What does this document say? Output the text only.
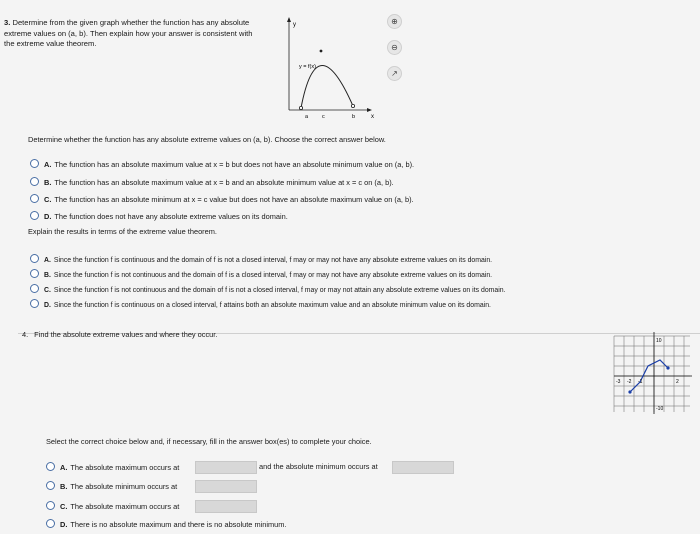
3. Determine from the given graph whether the function has any absolute extreme values on (a, b). Then explain how your answer is consistent with the extreme value theorem.
y
x
y = f(x)
a	c	b
⊕
⊖
↗
Determine whether the function has any absolute extreme values on (a, b). Choose the correct answer below.
A. The function has an absolute maximum value at x = b but does not have an absolute minimum value on (a, b).
B. The function has an absolute maximum value at x = b and an absolute minimum value at x = c on (a, b).
C. The function has an absolute minimum at x = c value but does not have an absolute maximum value on (a, b).
D. The function does not have any absolute extreme values on its domain.
Explain the results in terms of the extreme value theorem.
A. Since the function f is continuous and the domain of f is not a closed interval, f may or may not have any absolute extreme values on its domain.
B. Since the function f is not continuous and the domain of f is a closed interval, f may or may not have any absolute extreme values on its domain.
C. Since the function f is not continuous and the domain of f is not a closed interval, f may or may not attain any absolute extreme values on its domain.
D. Since the function f is continuous on a closed interval, f attains both an absolute maximum value and an absolute minimum value on its domain.
4. Find the absolute extreme values and where they occur.
10
-3 -2 -1	2
-10
Select the correct choice below and, if necessary, fill in the answer box(es) to complete your choice.
A. The absolute maximum occurs at	and the absolute minimum occurs at
B. The absolute minimum occurs at
C. The absolute maximum occurs at
D. There is no absolute maximum and there is no absolute minimum.
